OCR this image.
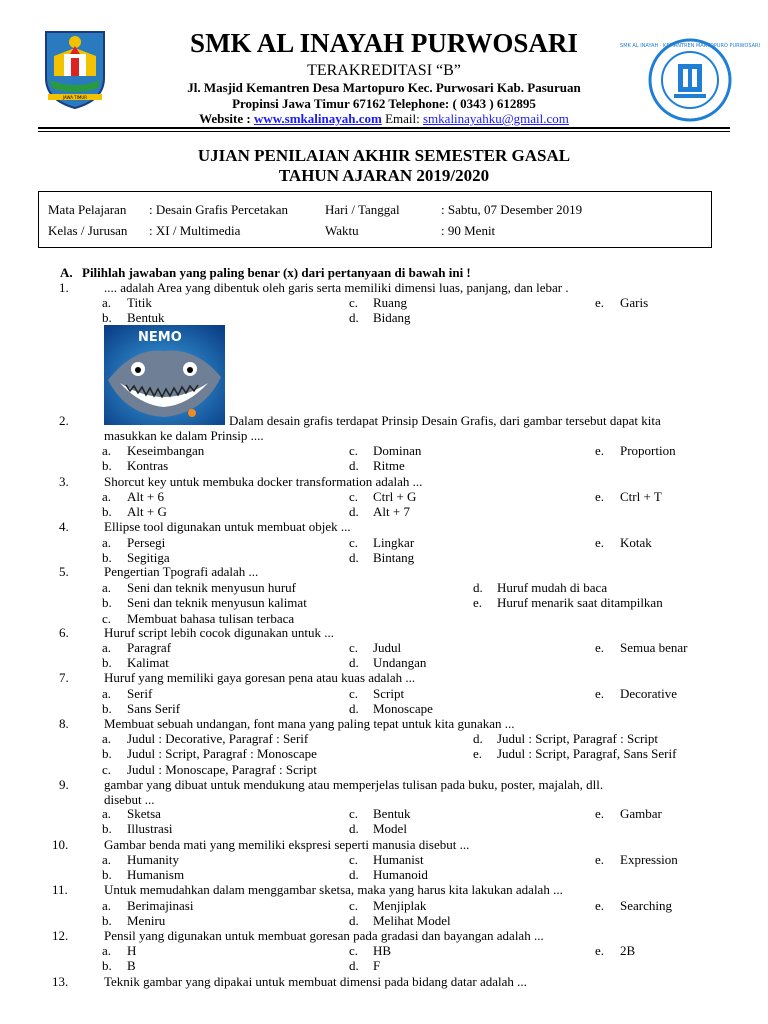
JAWA TIMUR
SMK AL INAYAH · KEMANTREN MARTOPURO PURWOSARI
SMK AL INAYAH PURWOSARI
TERAKREDITASI “B”
Jl. Masjid Kemantren Desa Martopuro Kec. Purwosari Kab. Pasuruan
Propinsi Jawa Timur 67162 Telephone: ( 0343 ) 612895
Website : www.smkalinayah.com Email: smkalinayahku@gmail.com
UJIAN PENILAIAN AKHIR SEMESTER GASAL
TAHUN AJARAN 2019/2020
Mata Pelajaran : Desain Grafis Percetakan	Hari / Tanggal	: Sabtu, 07 Desember 2019
Kelas / Jurusan : XI / Multimedia	Waktu	: 90 Menit
A. Pilihlah jawaban yang paling benar (x) dari pertanyaan di bawah ini !
NEMO
1.	.... adalah Area yang dibentuk oleh garis serta memiliki dimensi luas, panjang, dan lebar .
a. Titik
b. Bentuk
c. Ruang
d. Bidang
e. Garis
2.	Dalam desain grafis terdapat Prinsip Desain Grafis, dari gambar tersebut dapat kita
masukkan ke dalam Prinsip ....
a. Keseimbangan
b. Kontras
c. Dominan
d. Ritme
e. Proportion
3.	Shorcut key untuk membuka docker transformation adalah ...
a. Alt + 6
b. Alt + G
c. Ctrl + G
d. Alt + 7
e. Ctrl + T
4.	Ellipse tool digunakan untuk membuat objek ...
a. Persegi
b. Segitiga
c. Lingkar
d. Bintang
e. Kotak
5.	Pengertian Tpografi adalah ...
a. Seni dan teknik menyusun huruf
b. Seni dan teknik menyusun kalimat
c. Membuat bahasa tulisan terbaca
d. Huruf mudah di baca
e. Huruf menarik saat ditampilkan
6.	Huruf script lebih cocok digunakan untuk ...
a. Paragraf
b. Kalimat
c. Judul
d. Undangan
e. Semua benar
7.	Huruf yang memiliki gaya goresan pena atau kuas adalah ...
a. Serif
b. Sans Serif
c. Script
d. Monoscape
e. Decorative
8.	Membuat sebuah undangan, font mana yang paling tepat untuk kita gunakan ...
a. Judul : Decorative, Paragraf : Serif
b. Judul : Script, Paragraf : Monoscape
c. Judul : Monoscape, Paragraf : Script
d. Judul : Script, Paragraf : Script
e. Judul : Script, Paragraf, Sans Serif
9.	gambar yang dibuat untuk mendukung atau memperjelas tulisan pada buku, poster, majalah, dll.
disebut ...
a. Sketsa
b. Illustrasi
c. Bentuk
d. Model
e. Gambar
10.	Gambar benda mati yang memiliki ekspresi seperti manusia disebut ...
a. Humanity
b. Humanism
c. Humanist
d. Humanoid
e. Expression
11.	Untuk memudahkan dalam menggambar sketsa, maka yang harus kita lakukan adalah ...
a. Berimajinasi
b. Meniru
c. Menjiplak
d. Melihat Model
e. Searching
12.	Pensil yang digunakan untuk membuat goresan pada gradasi dan bayangan adalah ...
a. H
b. B
c. HB
d. F
e. 2B
13.	Teknik gambar yang dipakai untuk membuat dimensi pada bidang datar adalah ...
